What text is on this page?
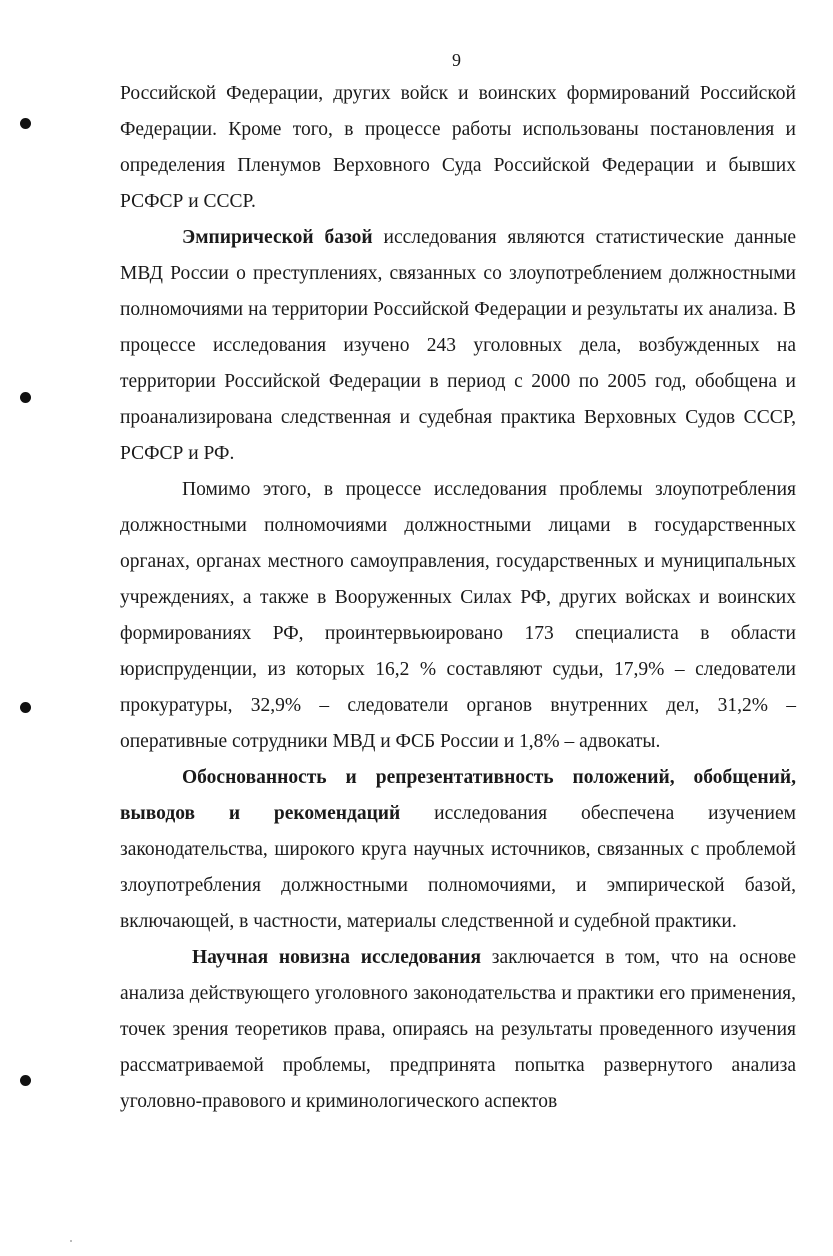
9

Российской Федерации, других войск и воинских формирований Российской Федерации. Кроме того, в процессе работы использованы постановления и определения Пленумов Верховного Суда Российской Федерации и бывших РСФСР и СССР.

Эмпирической базой исследования являются статистические данные МВД России о преступлениях, связанных со злоупотреблением должностными полномочиями на территории Российской Федерации и результаты их анализа. В процессе исследования изучено 243 уголовных дела, возбужденных на территории Российской Федерации в период с 2000 по 2005 год, обобщена и проанализирована следственная и судебная практика Верховных Судов СССР, РСФСР и РФ.

Помимо этого, в процессе исследования проблемы злоупотребления должностными полномочиями должностными лицами в государственных органах, органах местного самоуправления, государственных и муниципальных учреждениях, а также в Вооруженных Силах РФ, других войсках и воинских формированиях РФ, проинтервьюировано 173 специалиста в области юриспруденции, из которых 16,2 % составляют судьи, 17,9% – следователи прокуратуры, 32,9% – следователи органов внутренних дел, 31,2% – оперативные сотрудники МВД и ФСБ России и 1,8% – адвокаты.

Обоснованность и репрезентативность положений, обобщений, выводов и рекомендаций исследования обеспечена изучением законодательства, широкого круга научных источников, связанных с проблемой злоупотребления должностными полномочиями, и эмпирической базой, включающей, в частности, материалы следственной и судебной практики.

Научная новизна исследования заключается в том, что на основе анализа действующего уголовного законодательства и практики его применения, точек зрения теоретиков права, опираясь на результаты проведенного изучения рассматриваемой проблемы, предпринята попытка развернутого анализа уголовно-правового и криминологического аспектов
